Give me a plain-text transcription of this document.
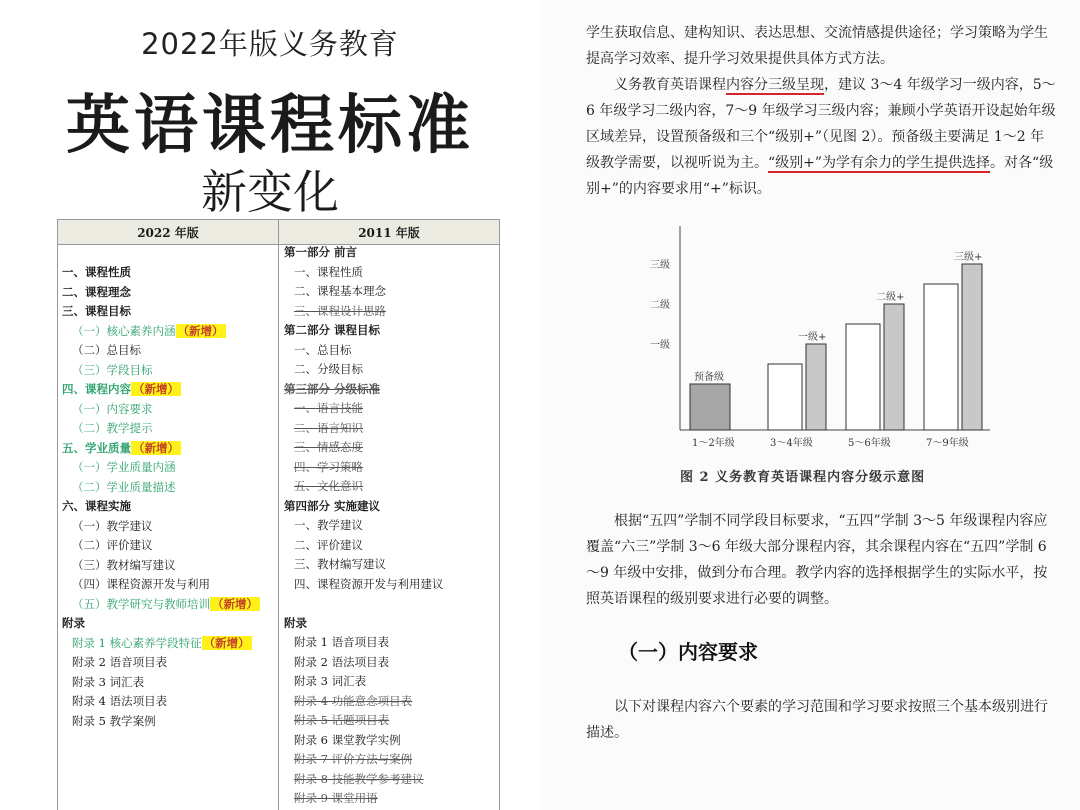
2022年版义务教育
英语课程标准
新变化
2022 年版	2011 年版
一、课程性质
二、课程理念
三、课程目标
（一）核心素养内涵 （新增）
（二）总目标
（三）学段目标
四、课程内容 （新增）
（一）内容要求
（二）教学提示
五、学业质量 （新增）
（一）学业质量内涵
（二）学业质量描述
六、课程实施
（一）教学建议
（二）评价建议
（三）教材编写建议
（四）课程资源开发与利用
（五）教学研究与教师培训 （新增）
附录
附录 1 核心素养学段特征 （新增）
附录 2 语音项目表
附录 3 词汇表
附录 4 语法项目表
附录 5 教学案例
第一部分 前言
一、课程性质
二、课程基本理念
三、课程设计思路
第二部分 课程目标
一、总目标
二、分级目标
第三部分 分级标准
一、语言技能
二、语言知识
三、情感态度
四、学习策略
五、文化意识
第四部分 实施建议
一、教学建议
二、评价建议
三、教材编写建议
四、课程资源开发与利用建议
附录
附录 1 语音项目表
附录 2 语法项目表
附录 3 词汇表
附录 4 功能意念项目表
附录 5 话题项目表
附录 6 课堂教学实例
附录 7 评价方法与案例
附录 8 技能教学参考建议
附录 9 课堂用语

学生获取信息、建构知识、表达思想、交流情感提供途径；学习策略为学生提高学习效率、提升学习效果提供具体方式方法。

义务教育英语课程内容分三级呈现，建议 3～4 年级学习一级内容，5～6 年级学习二级内容，7～9 年级学习三级内容；兼顾小学英语开设起始年级区域差异，设置预备级和三个“级别+”（见图 2）。预备级主要满足 1～2 年级教学需要，以视听说为主。“级别+”为学有余力的学生提供选择。对各“级别+”的内容要求用“+”标识。

一级
二级
三级
预备级
1～2年级
一级+
3～4年级
二级+
5～6年级
三级+
7～9年级
图 2 义务教育英语课程内容分级示意图

根据“五四”学制不同学段目标要求，“五四”学制 3～5 年级课程内容应覆盖“六三”学制 3～6 年级大部分课程内容，其余课程内容在“五四”学制 6～9 年级中安排，做到分布合理。教学内容的选择根据学生的实际水平，按照英语课程的级别要求进行必要的调整。

（一）内容要求

以下对课程内容六个要素的学习范围和学习要求按照三个基本级别进行描述。
